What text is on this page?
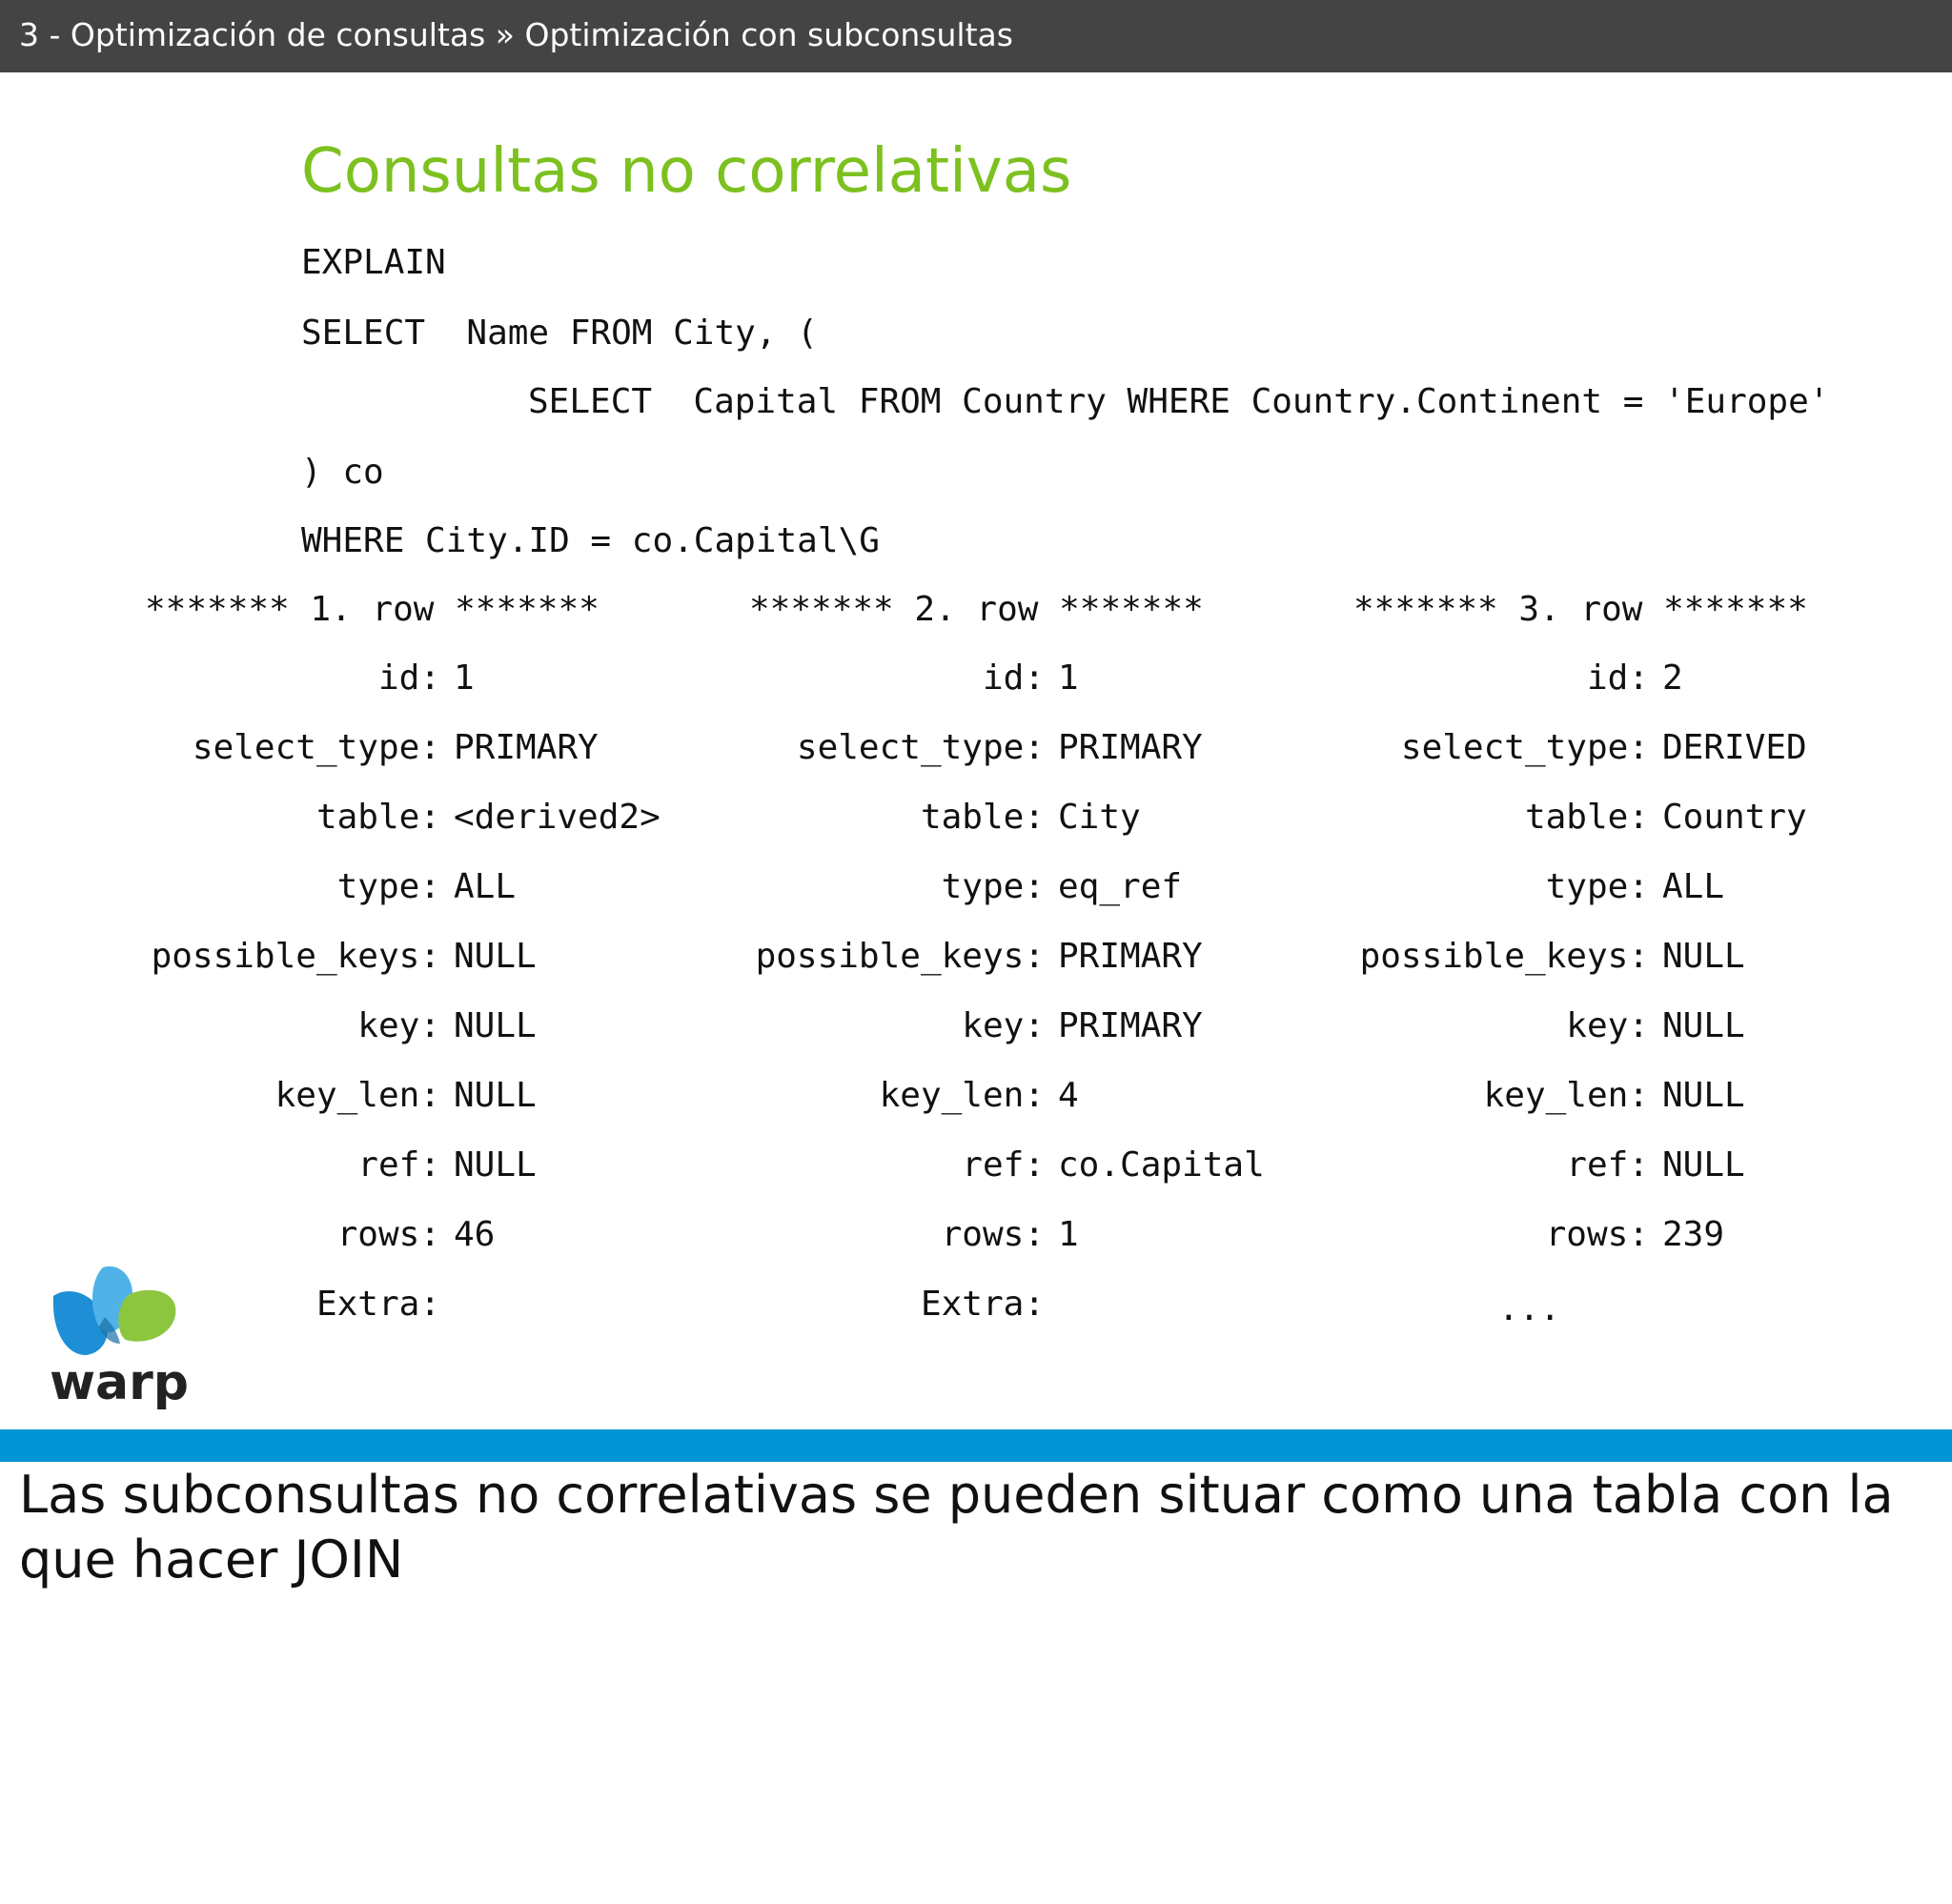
3 - Optimización de consultas » Optimización con subconsultas
Consultas no correlativas
EXPLAIN
SELECT  Name FROM City, (
SELECT  Capital FROM Country WHERE Country.Continent = 'Europe'
) co
WHERE City.ID = co.Capital\G
******* 1. row *******
id: 1
select_type: PRIMARY
table: <derived2>
type: ALL
possible_keys: NULL
key: NULL
key_len: NULL
ref: NULL
rows: 46
Extra:
******* 2. row *******
id: 1
select_type: PRIMARY
table: City
type: eq_ref
possible_keys: PRIMARY
key: PRIMARY
key_len: 4
ref: co.Capital
rows: 1
Extra:
******* 3. row *******
id: 2
select_type: DERIVED
table: Country
type: ALL
possible_keys: NULL
key: NULL
key_len: NULL
ref: NULL
rows: 239
...
warp
Las subconsultas no correlativas se pueden situar como una tabla con la que hacer JOIN
